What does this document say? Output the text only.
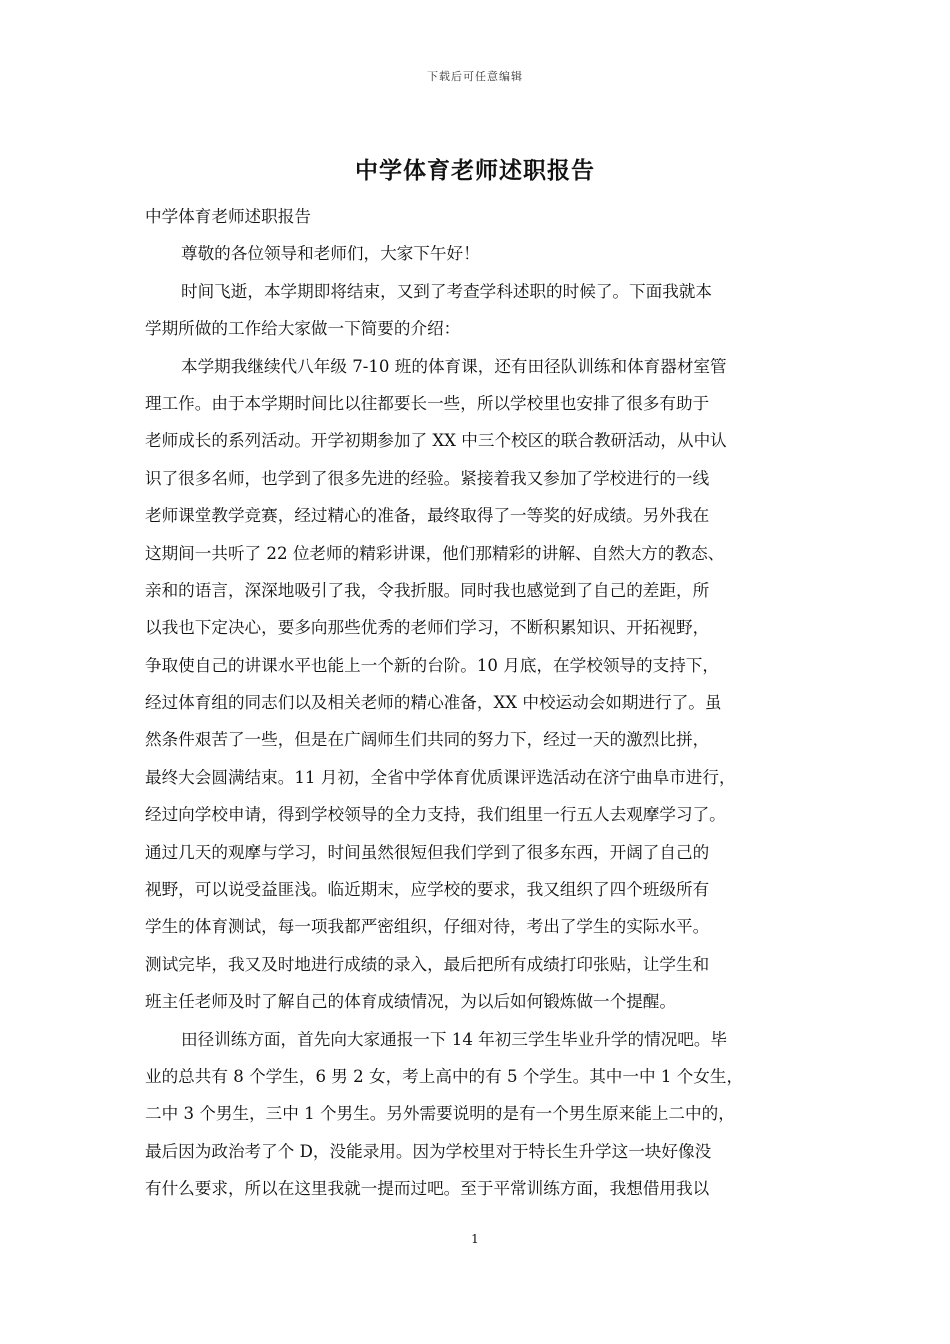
下载后可任意编辑
中学体育老师述职报告
中学体育老师述职报告
尊敬的各位领导和老师们，大家下午好！
时间飞逝，本学期即将结束，又到了考查学科述职的时候了。下面我就本
学期所做的工作给大家做一下简要的介绍：
本学期我继续代八年级 7-10 班的体育课，还有田径队训练和体育器材室管
理工作。由于本学期时间比以往都要长一些，所以学校里也安排了很多有助于
老师成长的系列活动。开学初期参加了 XX 中三个校区的联合教研活动，从中认
识了很多名师，也学到了很多先进的经验。紧接着我又参加了学校进行的一线
老师课堂教学竞赛，经过精心的准备，最终取得了一等奖的好成绩。另外我在
这期间一共听了 22 位老师的精彩讲课，他们那精彩的讲解、自然大方的教态、
亲和的语言，深深地吸引了我，令我折服。同时我也感觉到了自己的差距，所
以我也下定决心，要多向那些优秀的老师们学习，不断积累知识、开拓视野，
争取使自己的讲课水平也能上一个新的台阶。10 月底，在学校领导的支持下，
经过体育组的同志们以及相关老师的精心准备，XX 中校运动会如期进行了。虽
然条件艰苦了一些，但是在广阔师生们共同的努力下，经过一天的激烈比拼，
最终大会圆满结束。11 月初，全省中学体育优质课评选活动在济宁曲阜市进行，
经过向学校申请，得到学校领导的全力支持，我们组里一行五人去观摩学习了。
通过几天的观摩与学习，时间虽然很短但我们学到了很多东西，开阔了自己的
视野，可以说受益匪浅。临近期末，应学校的要求，我又组织了四个班级所有
学生的体育测试，每一项我都严密组织，仔细对待，考出了学生的实际水平。
测试完毕，我又及时地进行成绩的录入，最后把所有成绩打印张贴，让学生和
班主任老师及时了解自己的体育成绩情况，为以后如何锻炼做一个提醒。
田径训练方面，首先向大家通报一下 14 年初三学生毕业升学的情况吧。毕
业的总共有 8 个学生，6 男 2 女，考上高中的有 5 个学生。其中一中 1 个女生，
二中 3 个男生，三中 1 个男生。另外需要说明的是有一个男生原来能上二中的，
最后因为政治考了个 D，没能录用。因为学校里对于特长生升学这一块好像没
有什么要求，所以在这里我就一提而过吧。至于平常训练方面，我想借用我以
1
